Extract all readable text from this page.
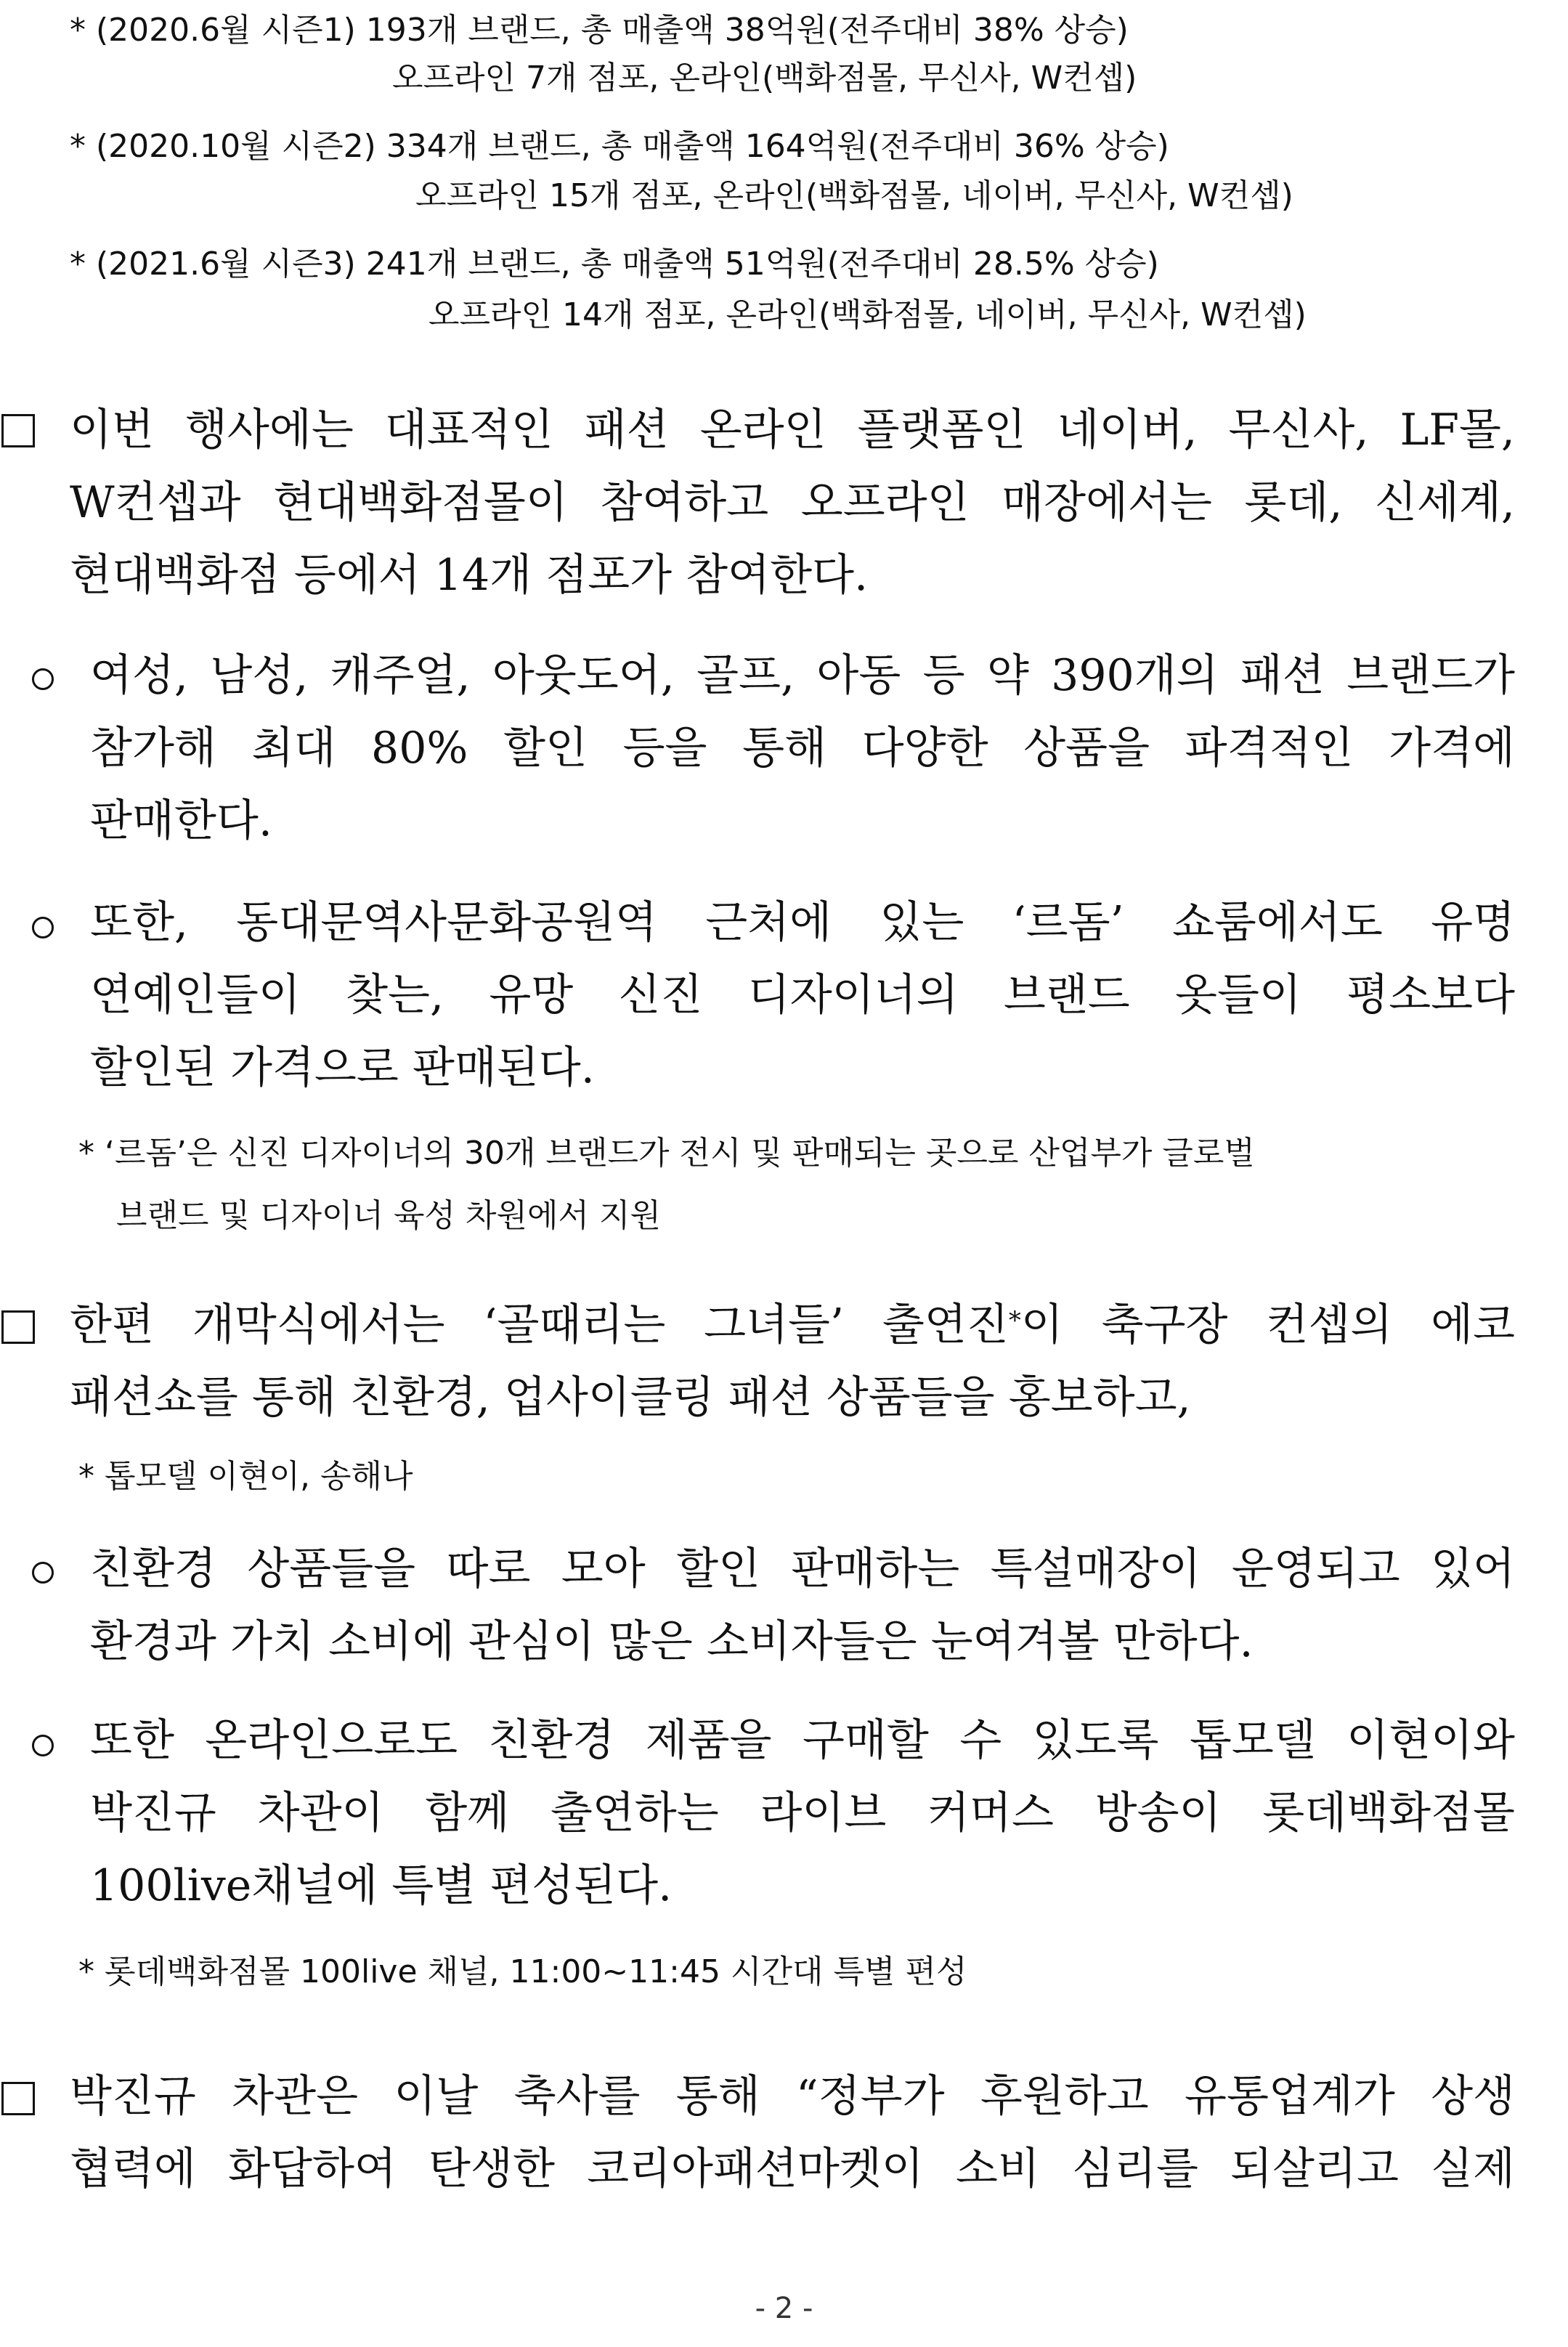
* (2020.6월 시즌1) 193개 브랜드, 총 매출액 38억원(전주대비 38% 상승)
오프라인 7개 점포, 온라인(백화점몰, 무신사, W컨셉)
* (2020.10월 시즌2) 334개 브랜드, 총 매출액 164억원(전주대비 36% 상승)
오프라인 15개 점포, 온라인(백화점몰, 네이버, 무신사, W컨셉)
* (2021.6월 시즌3) 241개 브랜드, 총 매출액 51억원(전주대비 28.5% 상승)
오프라인 14개 점포, 온라인(백화점몰, 네이버, 무신사, W컨셉)
이번 행사에는 대표적인 패션 온라인 플랫폼인 네이버, 무신사, LF몰,
W컨셉과 현대백화점몰이 참여하고 오프라인 매장에서는 롯데, 신세계,
현대백화점 등에서 14개 점포가 참여한다.
여성, 남성, 캐주얼, 아웃도어, 골프, 아동 등 약 390개의 패션 브랜드가
참가해 최대 80% 할인 등을 통해 다양한 상품을 파격적인 가격에
판매한다.
또한, 동대문역사문화공원역 근처에 있는 ‘르돔’ 쇼룸에서도 유명
연예인들이 찾는, 유망 신진 디자이너의 브랜드 옷들이 평소보다
할인된 가격으로 판매된다.
* ‘르돔’은 신진 디자이너의 30개 브랜드가 전시 및 판매되는 곳으로 산업부가 글로벌
브랜드 및 디자이너 육성 차원에서 지원
한편 개막식에서는 ‘골때리는 그녀들’ 출연진*이 축구장 컨셉의 에코
패션쇼를 통해 친환경, 업사이클링 패션 상품들을 홍보하고,
* 톱모델 이현이, 송해나
친환경 상품들을 따로 모아 할인 판매하는 특설매장이 운영되고 있어
환경과 가치 소비에 관심이 많은 소비자들은 눈여겨볼 만하다.
또한 온라인으로도 친환경 제품을 구매할 수 있도록 톱모델 이현이와
박진규 차관이 함께 출연하는 라이브 커머스 방송이 롯데백화점몰
100live채널에 특별 편성된다.
* 롯데백화점몰 100live 채널, 11:00~11:45 시간대 특별 편성
박진규 차관은 이날 축사를 통해 “정부가 후원하고 유통업계가 상생
협력에 화답하여 탄생한 코리아패션마켓이 소비 심리를 되살리고 실제
- 2 -
